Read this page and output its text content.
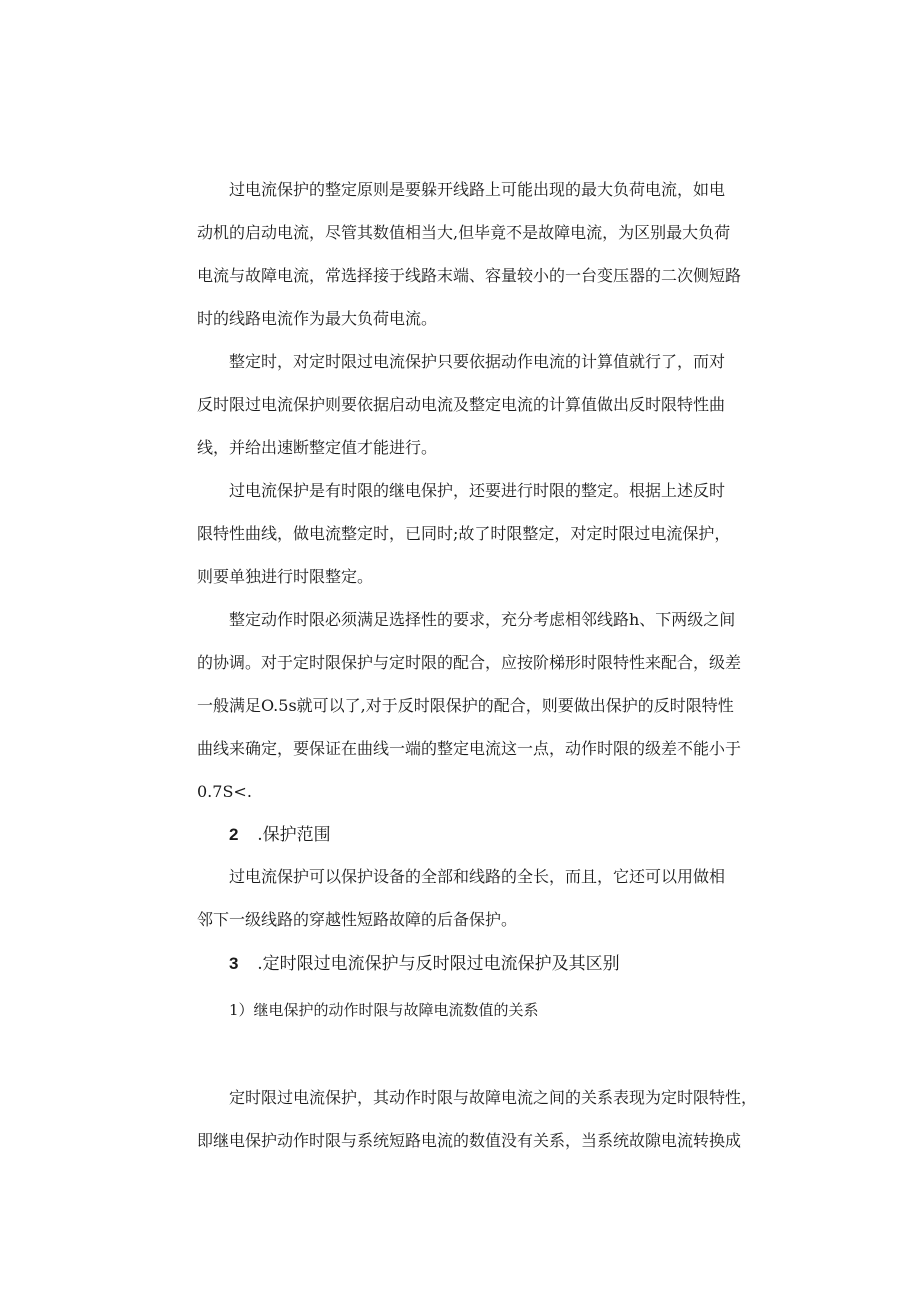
过电流保护的整定原则是要躲开线路上可能出现的最大负荷电流，如电
动机的启动电流，尽管其数值相当大,但毕竟不是故障电流，为区别最大负荷
电流与故障电流，常选择接于线路末端、容量较小的一台变压器的二次侧短路
时的线路电流作为最大负荷电流。
整定时，对定时限过电流保护只要依据动作电流的计算值就行了，而对
反时限过电流保护则要依据启动电流及整定电流的计算值做出反时限特性曲
线，并给出速断整定值才能进行。
过电流保护是有时限的继电保护，还要进行时限的整定。根据上述反时
限特性曲线，做电流整定时，已同时;故了时限整定，对定时限过电流保护，
则要单独进行时限整定。
整定动作时限必须满足选择性的要求，充分考虑相邻线路h、下两级之间
的协调。对于定时限保护与定时限的配合，应按阶梯形时限特性来配合，级差
一般满足O.5s就可以了,对于反时限保护的配合，则要做出保护的反时限特性
曲线来确定，要保证在曲线一端的整定电流这一点，动作时限的级差不能小于
0.7S<.
2 .保护范围
过电流保护可以保护设备的全部和线路的全长，而且，它还可以用做相
邻下一级线路的穿越性短路故障的后备保护。
3 .定时限过电流保护与反时限过电流保护及其区别
1）继电保护的动作时限与故障电流数值的关系
定时限过电流保护，其动作时限与故障电流之间的关系表现为定时限特性，
即继电保护动作时限与系统短路电流的数值没有关系，当系统故隙电流转换成
